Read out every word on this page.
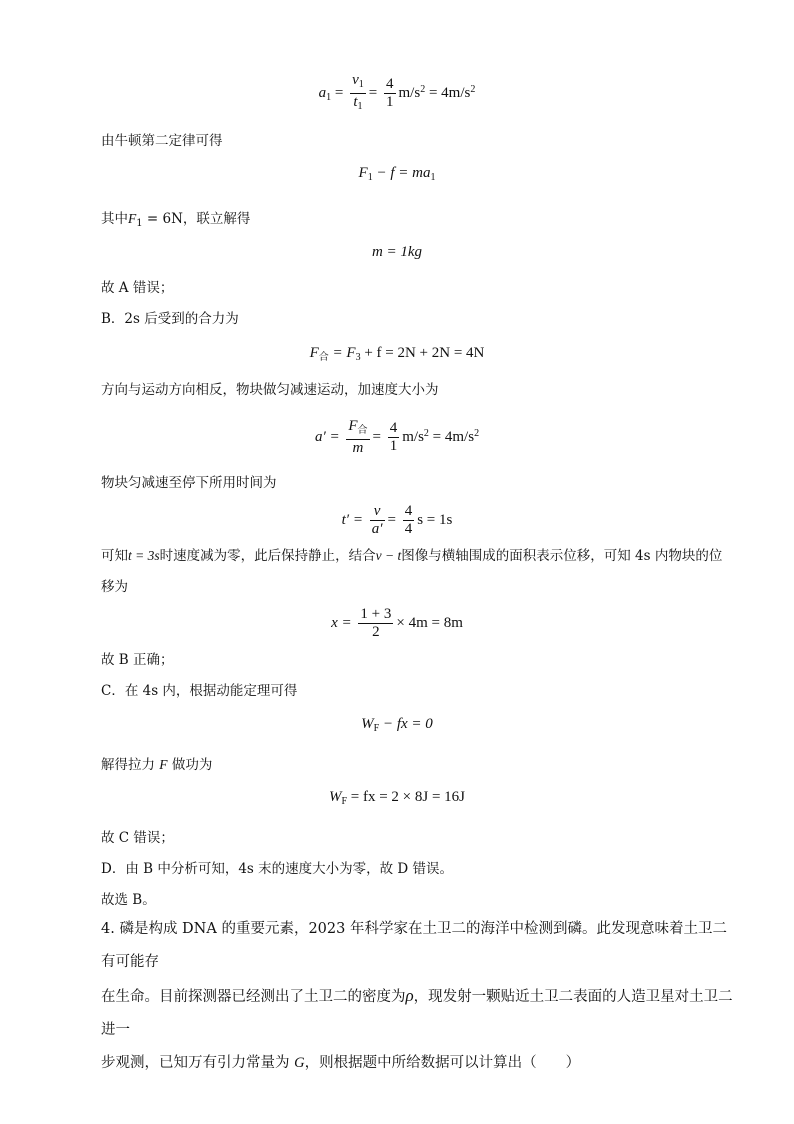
$a_1 = \frac{v_1}{t_1} = \frac{4}{1} m/s^2 = 4m/s^2$
由牛顿第二定律可得
$F_1 - f = ma_1$
其中$F_1 = 6N$，联立解得
m = 1kg
故 A 错误；
B．2s 后受到的合力为
$F_合 = F_3 + f = 2N + 2N = 4N$
方向与运动方向相反，物块做匀减速运动，加速度大小为
$a' = \frac{F_合}{m} = \frac{4}{1} m/s^2 = 4m/s^2$
物块匀减速至停下所用时间为
$t' = \frac{v}{a'} = \frac{4}{4}$ s = 1s
可知t = 3s时速度减为零，此后保持静止，结合v − t图像与横轴围成的面积表示位移，可知 4s 内物块的位
移为
$x = \frac{1 + 3}{2} \times 4m = 8m$
故 B 正确；
C．在 4s 内，根据动能定理可得
$W_F$ − fx = 0
解得拉力 F 做功为
$W_F$ = fx = 2 × 8J = 16J
故 C 错误；
D．由 B 中分析可知，4s 末的速度大小为零，故 D 错误。
故选 B。
4. 磷是构成 DNA 的重要元素，2023 年科学家在土卫二的海洋中检测到磷。此发现意味着土卫二有可能存
在生命。目前探测器已经测出了土卫二的密度为ρ，现发射一颗贴近土卫二表面的人造卫星对土卫二进一
步观测，已知万有引力常量为 G，则根据题中所给数据可以计算出（　　）
